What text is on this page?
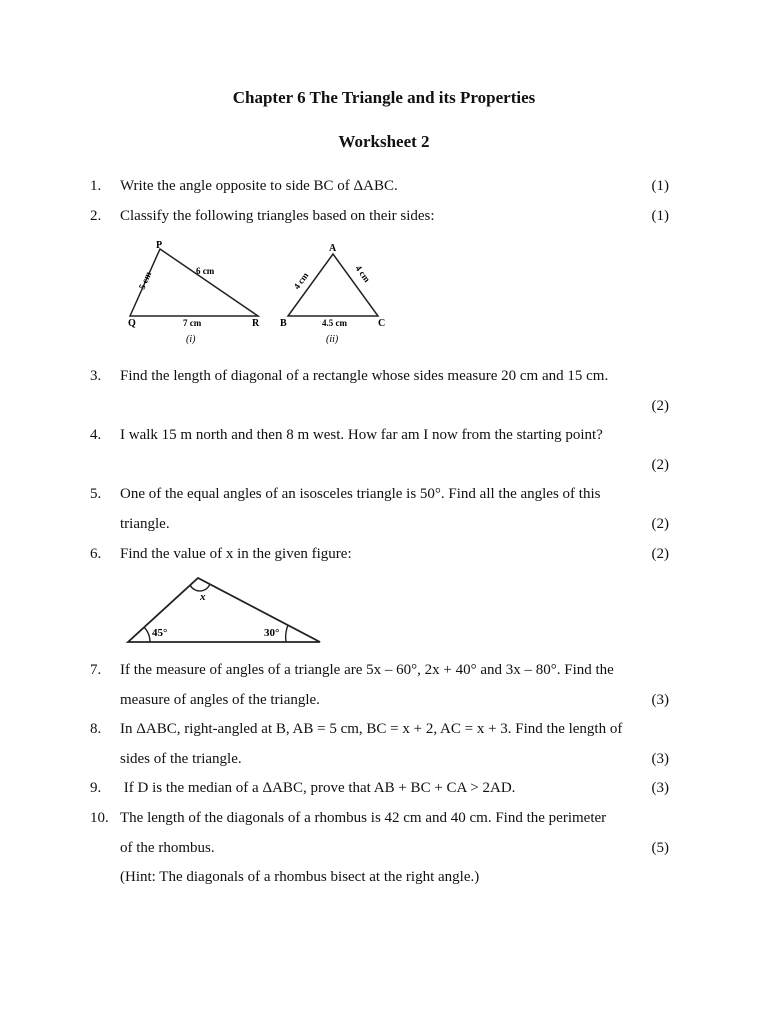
Chapter 6 The Triangle and its Properties
Worksheet 2
1.	Write the angle opposite to side BC of ΔABC.	(1)
2.	Classify the following triangles based on their sides:	(1)
P
Q	R
5 cm	6 cm
7 cm
(i)
A
B	C
4 cm	4 cm
4.5 cm
(ii)
3.	Find the length of diagonal of a rectangle whose sides measure 20 cm and 15 cm.
(2)
4.	I walk 15 m north and then 8 m west. How far am I now from the starting point?
(2)
5.	One of the equal angles of an isosceles triangle is 50°. Find all the angles of this
triangle.	(2)
6.	Find the value of x in the given figure:	(2)
x
45°	30°
7.	If the measure of angles of a triangle are 5x – 60°, 2x + 40° and 3x – 80°. Find the
measure of angles of the triangle.	(3)
8.	In ΔABC, right-angled at B, AB = 5 cm, BC = x + 2, AC = x + 3. Find the length of
sides of the triangle.	(3)
9.	If D is the median of a ΔABC, prove that AB + BC + CA > 2AD.	(3)
10. The length of the diagonals of a rhombus is 42 cm and 40 cm. Find the perimeter
of the rhombus.	(5)
(Hint: The diagonals of a rhombus bisect at the right angle.)
